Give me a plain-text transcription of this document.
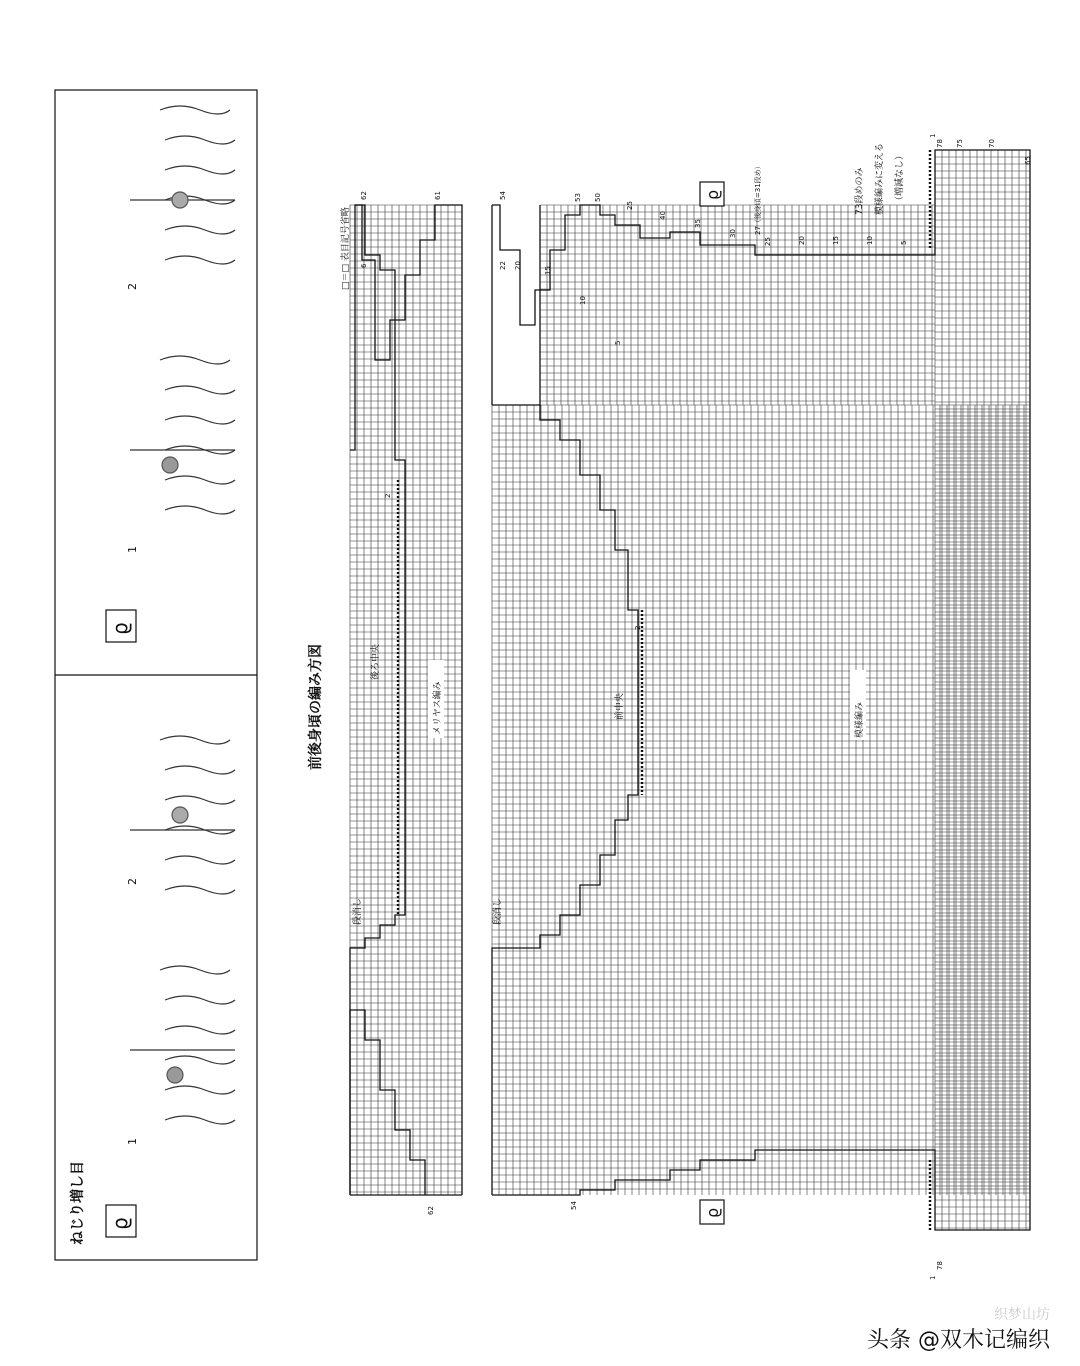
ねじり増し目 ϱ
ϱ
1
2
1
2
前後身頃の編み方図
□＝□ 表目記号省略
62	61
6
2
62
後ろ中央
メリヤス編み
段消し
54	53 50
25
40
35
30
25
22 20
15
10
5
2
54
27（後身頃=31段め）	73段めのみ 模様編みに変える （増減なし）
1
78 75	70
65
20	15	10	5
78
1
前中央	模様編み
段消し
ϱ
ϱ
织梦山坊
头条 @双木记编织
